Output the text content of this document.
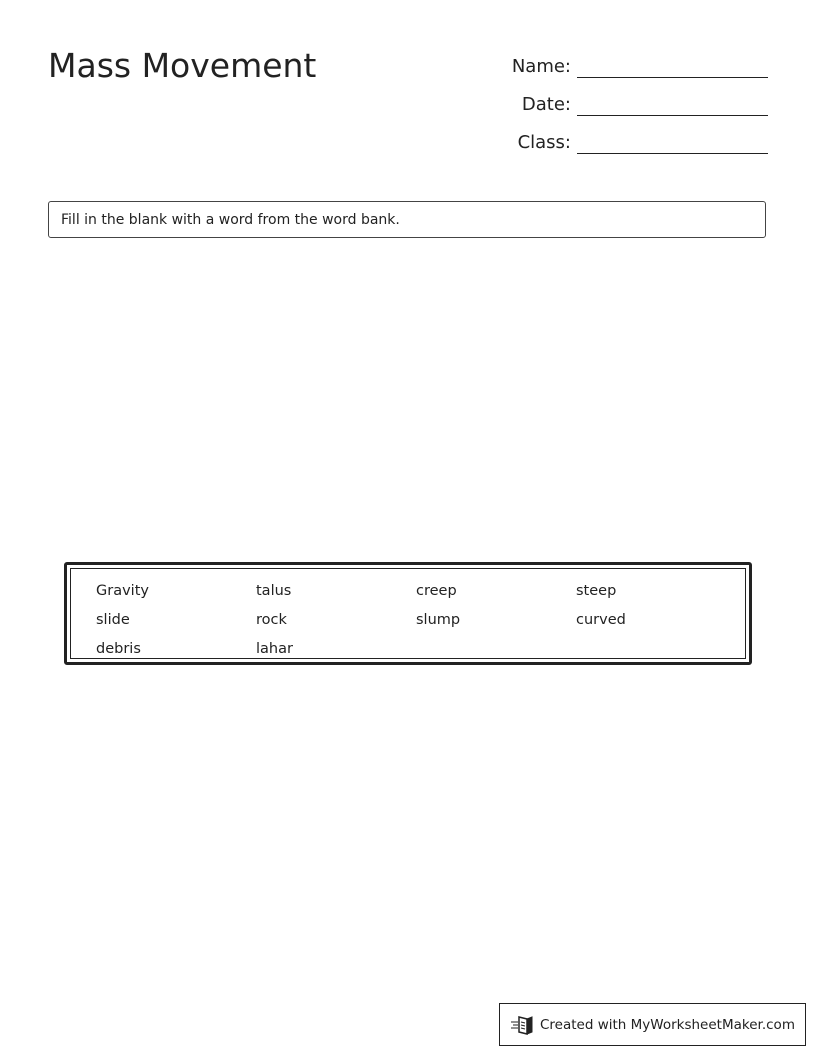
Mass Movement	Name:
Date:
Class:
Fill in the blank with a word from the word bank.
Gravity	talus	creep	steep
slide	rock	slump	curved
debris	lahar
Created with MyWorksheetMaker.com
